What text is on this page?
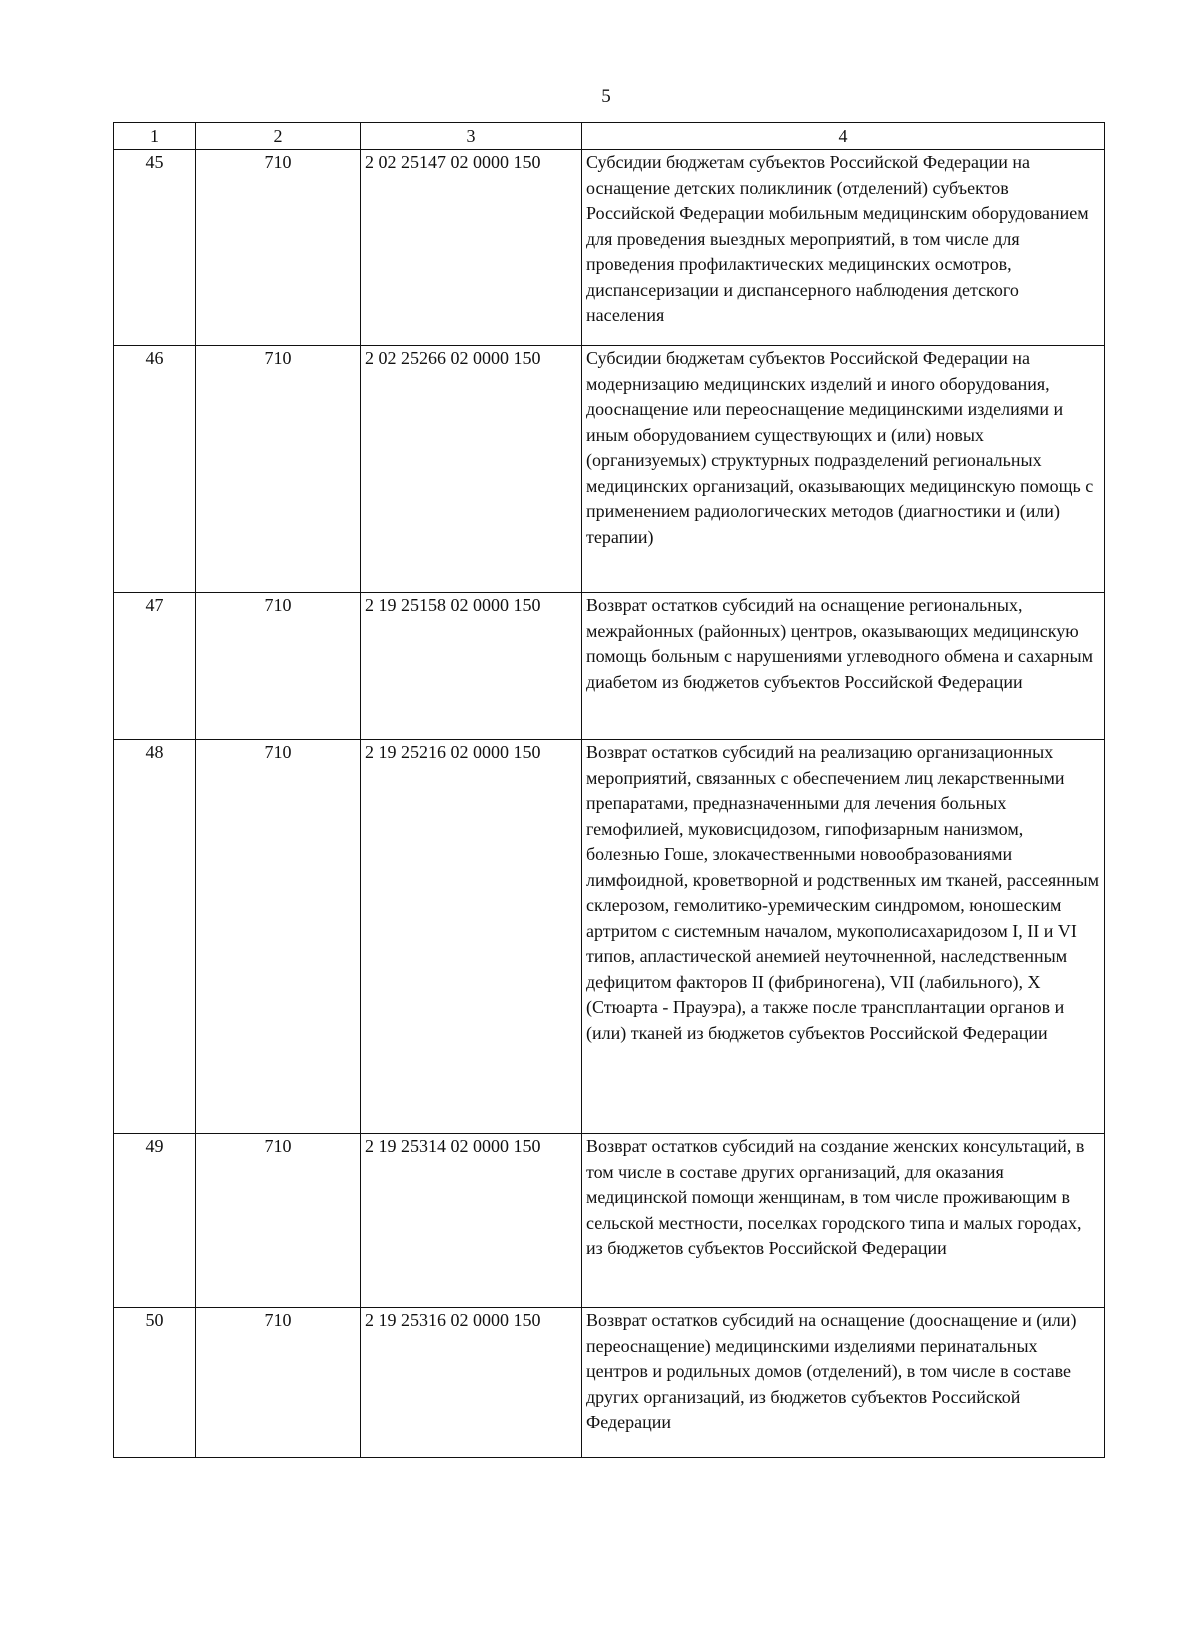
5
1	2	3	4
45	710	2 02 25147 02 0000 150	Субсидии бюджетам субъектов Российской Федерации на оснащение детских поликлиник (отделений) субъектов Российской Федерации мобильным медицинским оборудованием для проведения выездных мероприятий, в том числе для проведения профилактических медицинских осмотров, диспансеризации и диспансерного наблюдения детского населения
46	710	2 02 25266 02 0000 150	Субсидии бюджетам субъектов Российской Федерации на модернизацию медицинских изделий и иного оборудования, дооснащение или переоснащение медицинскими изделиями и иным оборудованием существующих и (или) новых (организуемых) структурных подразделений региональных медицинских организаций, оказывающих медицинскую помощь с применением радиологических методов (диагностики и (или) терапии)
47	710	2 19 25158 02 0000 150	Возврат остатков субсидий на оснащение региональных, межрайонных (районных) центров, оказывающих медицинскую помощь больным с нарушениями углеводного обмена и сахарным диабетом из бюджетов субъектов Российской Федерации
48	710	2 19 25216 02 0000 150	Возврат остатков субсидий на реализацию организационных мероприятий, связанных с обеспечением лиц лекарственными препаратами, предназначенными для лечения больных гемофилией, муковисцидозом, гипофизарным нанизмом, болезнью Гоше, злокачественными новообразованиями лимфоидной, кроветворной и родственных им тканей, рассеянным склерозом, гемолитико-уремическим синдромом, юношеским артритом с системным началом, мукополисахаридозом I, II и VI типов, апластической анемией неуточненной, наследственным дефицитом факторов II (фибриногена), VII (лабильного), X (Стюарта - Прауэра), а также после трансплантации органов и (или) тканей из бюджетов субъектов Российской Федерации
49	710	2 19 25314 02 0000 150	Возврат остатков субсидий на создание женских консультаций, в том числе в составе других организаций, для оказания медицинской помощи женщинам, в том числе проживающим в сельской местности, поселках городского типа и малых городах, из бюджетов субъектов Российской Федерации
50	710	2 19 25316 02 0000 150	Возврат остатков субсидий на оснащение (дооснащение и (или) переоснащение) медицинскими изделиями перинатальных центров и родильных домов (отделений), в том числе в составе других организаций, из бюджетов субъектов Российской Федерации
